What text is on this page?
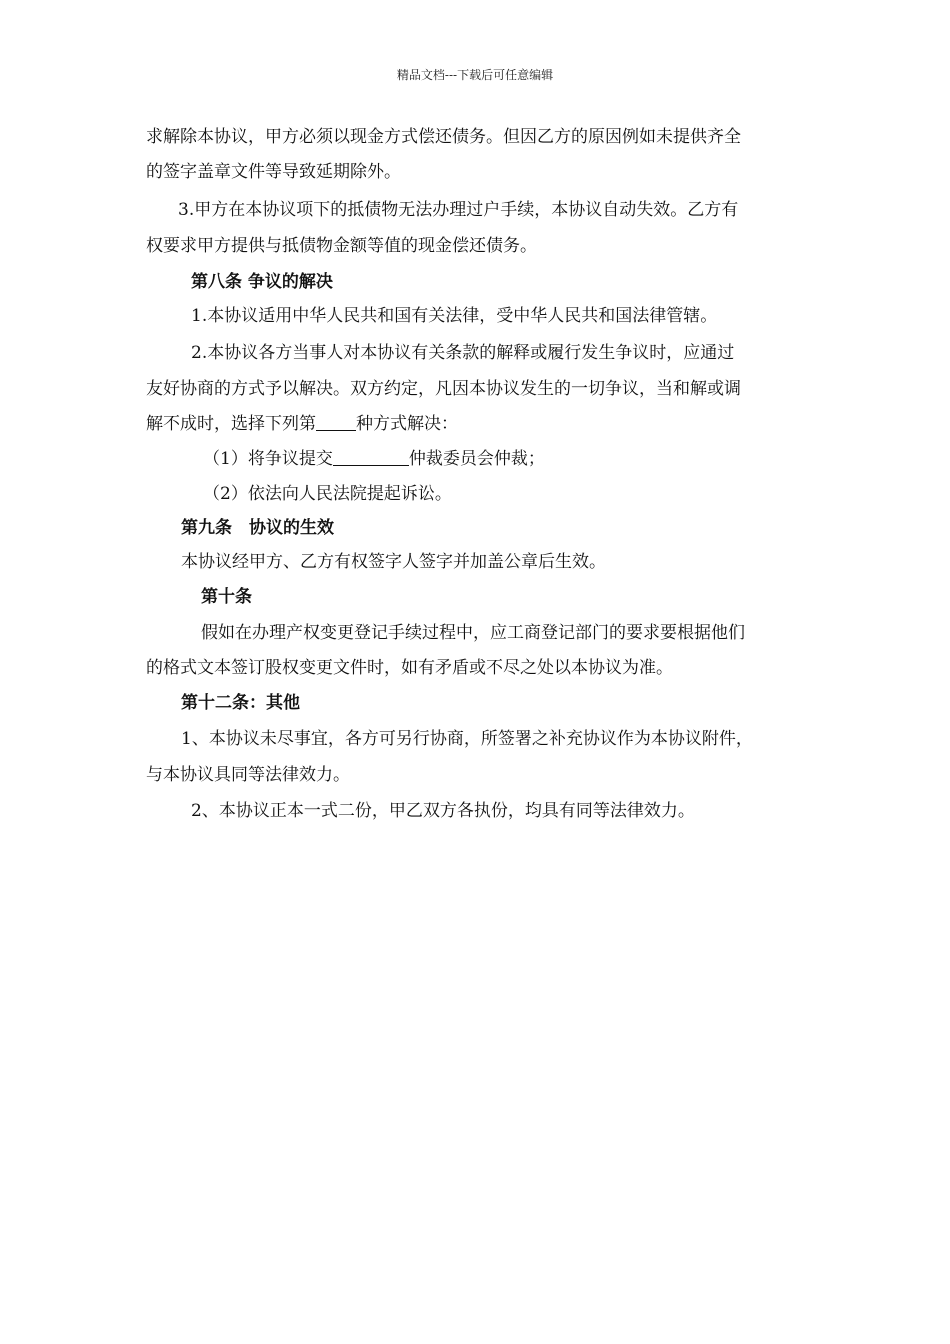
精品文档---下载后可任意编辑
求解除本协议，甲方必须以现金方式偿还债务。但因乙方的原因例如未提供齐全
的签字盖章文件等导致延期除外。
3.甲方在本协议项下的抵债物无法办理过户手续，本协议自动失效。乙方有
权要求甲方提供与抵债物金额等值的现金偿还债务。
第八条 争议的解决
1.本协议适用中华人民共和国有关法律，受中华人民共和国法律管辖。
2.本协议各方当事人对本协议有关条款的解释或履行发生争议时，应通过
友好协商的方式予以解决。双方约定，凡因本协议发生的一切争议，当和解或调
解不成时，选择下列第 种方式解决：
（1）将争议提交	仲裁委员会仲裁；
（2）依法向人民法院提起诉讼。
第九条　协议的生效
本协议经甲方、乙方有权签字人签字并加盖公章后生效。
第十条
假如在办理产权变更登记手续过程中，应工商登记部门的要求要根据他们
的格式文本签订股权变更文件时，如有矛盾或不尽之处以本协议为准。
第十二条：其他
1、本协议未尽事宜，各方可另行协商，所签署之补充协议作为本协议附件，
与本协议具同等法律效力。
2、本协议正本一式二份，甲乙双方各执份，均具有同等法律效力。
